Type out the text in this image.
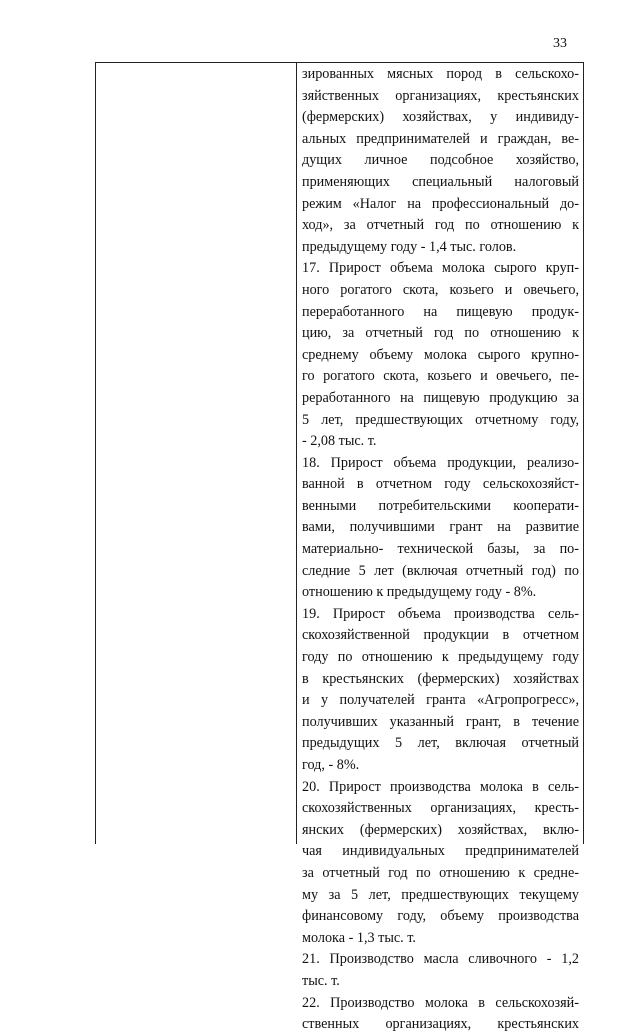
33
зированных мясных пород в сельскохо-
зяйственных организациях, крестьянских
(фермерских) хозяйствах, у индивиду-
альных предпринимателей и граждан, ве-
дущих личное подсобное хозяйство,
применяющих специальный налоговый
режим «Налог на профессиональный до-
ход», за отчетный год по отношению к
предыдущему году - 1,4 тыс. голов.
17. Прирост объема молока сырого круп-
ного рогатого скота, козьего и овечьего,
переработанного на пищевую продук-
цию, за отчетный год по отношению к
среднему объему молока сырого крупно-
го рогатого скота, козьего и овечьего, пе-
реработанного на пищевую продукцию за
5 лет, предшествующих отчетному году,
- 2,08 тыс. т.
18. Прирост объема продукции, реализо-
ванной в отчетном году сельскохозяйст-
венными потребительскими кооперати-
вами, получившими грант на развитие
материально- технической базы, за по-
следние 5 лет (включая отчетный год) по
отношению к предыдущему году - 8%.
19. Прирост объема производства сель-
скохозяйственной продукции в отчетном
году по отношению к предыдущему году
в крестьянских (фермерских) хозяйствах
и у получателей гранта «Агропрогресс»,
получивших указанный грант, в течение
предыдущих 5 лет, включая отчетный
год, - 8%.
20. Прирост производства молока в сель-
скохозяйственных организациях, кресть-
янских (фермерских) хозяйствах, вклю-
чая индивидуальных предпринимателей
за отчетный год по отношению к средне-
му за 5 лет, предшествующих текущему
финансовому году, объему производства
молока - 1,3 тыс. т.
21. Производство масла сливочного - 1,2
тыс. т.
22. Производство молока в сельскохозяй-
ственных организациях, крестьянских
